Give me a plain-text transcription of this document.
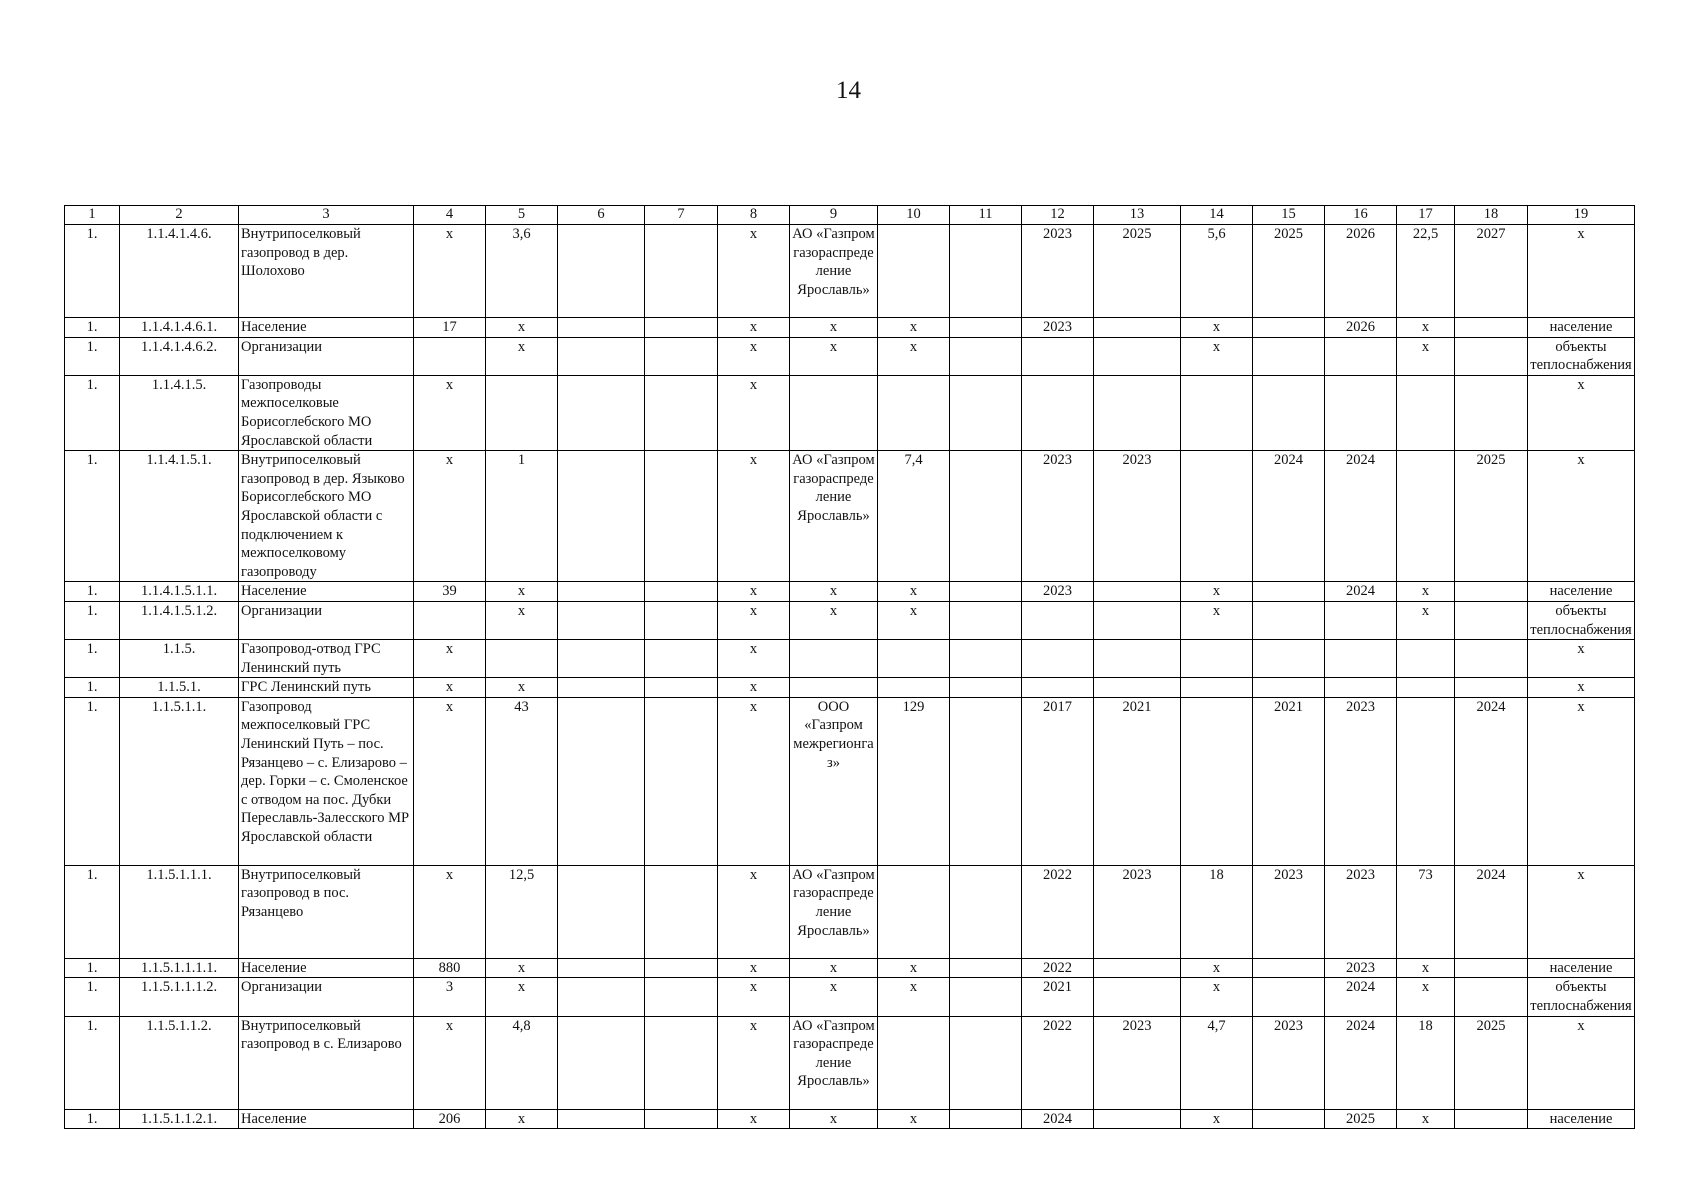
14
1	2	3	4	5	6	7	8	9	10	11	12	13	14	15	16	17	18	19
1.	1.1.4.1.4.6.	Внутрипоселковый газопровод в дер. Шолохово	x	3,6			x	АО «Газпром газораспределение Ярославль»			2023	2025	5,6	2025	2026	22,5	2027	x
1.	1.1.4.1.4.6.1.	Население	17	x			x	x	x		2023		x		2026	x		население
1.	1.1.4.1.4.6.2.	Организации		x			x	x	x				x			x		объекты теплоснабжения
1.	1.1.4.1.5.	Газопроводы межпоселковые Борисоглебского МО Ярославской области	x				x											x
1.	1.1.4.1.5.1.	Внутрипоселковый газопровод в дер. Языково Борисоглебского МО Ярославской области с подключением к межпоселковому газопроводу	x	1			x	АО «Газпром газораспределение Ярославль»	7,4		2023	2023		2024	2024		2025	x
1.	1.1.4.1.5.1.1.	Население	39	x			x	x	x		2023		x		2024	x		население
1.	1.1.4.1.5.1.2.	Организации		x			x	x	x				x			x		объекты теплоснабжения
1.	1.1.5.	Газопровод-отвод ГРС Ленинский путь	x				x											x
1.	1.1.5.1.	ГРС Ленинский путь	x	x			x											x
1.	1.1.5.1.1.	Газопровод межпоселковый ГРС Ленинский Путь – пос. Рязанцево – с. Елизарово – дер. Горки – с. Смоленское с отводом на пос. Дубки Переславль-Залесского МР Ярославской области	x	43			x	ООО «Газпром межрегионгаз»	129		2017	2021		2021	2023		2024	x
1.	1.1.5.1.1.1.	Внутрипоселковый газопровод в пос. Рязанцево	x	12,5			x	АО «Газпром газораспределение Ярославль»			2022	2023	18	2023	2023	73	2024	x
1.	1.1.5.1.1.1.1.	Население	880	x			x	x	x		2022		x		2023	x		население
1.	1.1.5.1.1.1.2.	Организации	3	x			x	x	x		2021		x		2024	x		объекты теплоснабжения
1.	1.1.5.1.1.2.	Внутрипоселковый газопровод в с. Елизарово	x	4,8			x	АО «Газпром газораспределение Ярославль»			2022	2023	4,7	2023	2024	18	2025	x
1.	1.1.5.1.1.2.1.	Население	206	x			x	x	x		2024		x		2025	x		население
